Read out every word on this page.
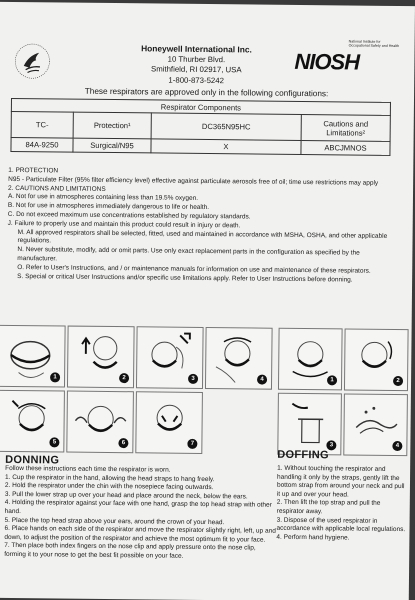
Honeywell International Inc.
10 Thurber Blvd.
Smithfield, RI 02917, USA
1-800-873-5242
National Institute for Occupational Safety and Health
NIOSH
These respirators are approved only in the following configurations:
Respirator Components			
TC-	Protection¹	DC365N95HC	Cautions and Limitations²
84A-9250	Surgical/N95	X	ABCJMNOS

1. PROTECTION

N95 - Particulate Filter (95% filter efficiency level) effective against particulate aerosols free of oil; time use restrictions may apply

2. CAUTIONS AND LIMITATIONS

A. Not for use in atmospheres containing less than 19.5% oxygen.

B. Not for use in atmospheres immediately dangerous to life or health.

C. Do not exceed maximum use concentrations established by regulatory standards.

J. Failure to properly use and maintain this product could result in injury or death.

M. All approved respirators shall be selected, fitted, used and maintained in accordance with MSHA, OSHA, and other applicable regulations.

N. Never substitute, modify, add or omit parts. Use only exact replacement parts in the configuration as specified by the manufacturer.

O. Refer to User's Instructions, and / or maintenance manuals for information on use and maintenance of these respirators.

S. Special or critical User Instructions and/or specific use limitations apply. Refer to User Instructions before donning.

1	2	3	4
5	6	7
1	2
3	4
DONNING

Follow these instructions each time the respirator is worn.

1. Cup the respirator in the hand, allowing the head straps to hang freely.

2. Hold the respirator under the chin with the nosepiece facing outwards.

3. Pull the lower strap up over your head and place around the neck, below the ears.

4. Holding the respirator against your face with one hand, grasp the top head strap with other hand.

5. Place the top head strap above your ears, around the crown of your head.

6. Place hands on each side of the respirator and move the respirator slightly right, left, up and down, to adjust the position of the respirator and achieve the most optimum fit to your face.

7. Then place both index fingers on the nose clip and apply pressure onto the nose clip, forming it to your nose to get the best fit possible on your face.

DOFFING

1. Without touching the respirator and handling it only by the straps, gently lift the bottom strap from around your neck and pull it up and over your head.

2. Then lift the top strap and pull the respirator away.

3. Dispose of the used respirator in accordance with applicable local regulations.

4. Perform hand hygiene.
